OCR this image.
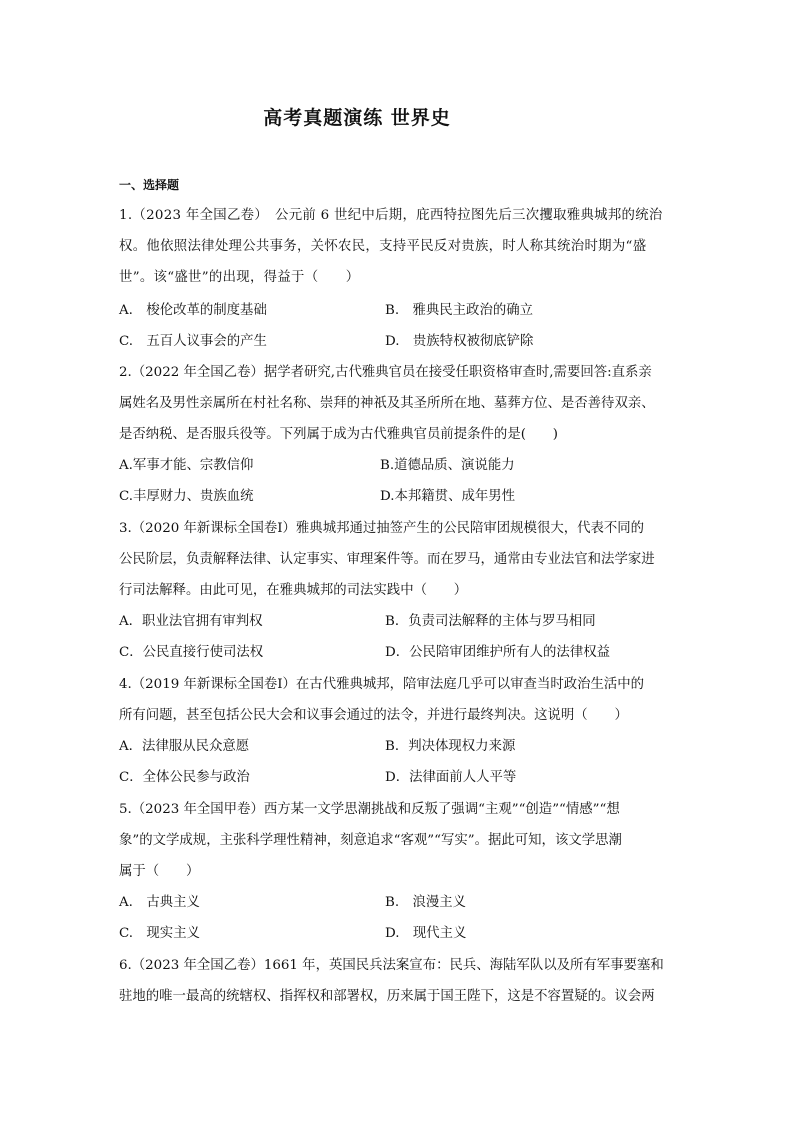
高考真题演练 世界史
一、选择题
1.（2023 年全国乙卷）　公元前 6 世纪中后期，庇西特拉图先后三次攫取雅典城邦的统治
权。他依照法律处理公共事务，关怀农民，支持平民反对贵族，时人称其统治时期为“盛
世”。该“盛世”的出现，得益于（　　）
A.　梭伦改革的制度基础	B.　雅典民主政治的确立
C.　五百人议事会的产生	D.　贵族特权被彻底铲除
2.（2022 年全国乙卷）据学者研究,古代雅典官员在接受任职资格审查时,需要回答:直系亲
属姓名及男性亲属所在村社名称、崇拜的神祇及其圣所所在地、墓葬方位、是否善待双亲、
是否纳税、是否服兵役等。下列属于成为古代雅典官员前提条件的是(　　)
A.军事才能、宗教信仰	B.道德品质、演说能力
C.丰厚财力、贵族血统	D.本邦籍贯、成年男性
3.（2020 年新课标全国卷Ⅰ）雅典城邦通过抽签产生的公民陪审团规模很大，代表不同的
公民阶层，负责解释法律、认定事实、审理案件等。而在罗马，通常由专业法官和法学家进
行司法解释。由此可见，在雅典城邦的司法实践中（　　）
A．职业法官拥有审判权	B．负责司法解释的主体与罗马相同
C．公民直接行使司法权	D．公民陪审团维护所有人的法律权益
4.（2019 年新课标全国卷Ⅰ）在古代雅典城邦，陪审法庭几乎可以审查当时政治生活中的
所有问题，甚至包括公民大会和议事会通过的法令，并进行最终判决。这说明（　　）
A．法律服从民众意愿	B．判决体现权力来源
C．全体公民参与政治	D．法律面前人人平等
5.（2023 年全国甲卷）西方某一文学思潮挑战和反叛了强调“主观”“创造”“情感”“想
象”的文学成规，主张科学理性精神，刻意追求“客观”“写实”。据此可知，该文学思潮
属于（　　）
A.　古典主义	B.　浪漫主义
C.　现实主义	D.　现代主义
6.（2023 年全国乙卷）1661 年，英国民兵法案宣布：民兵、海陆军队以及所有军事要塞和
驻地的唯一最高的统辖权、指挥权和部署权，历来属于国王陛下，这是不容置疑的。议会两
